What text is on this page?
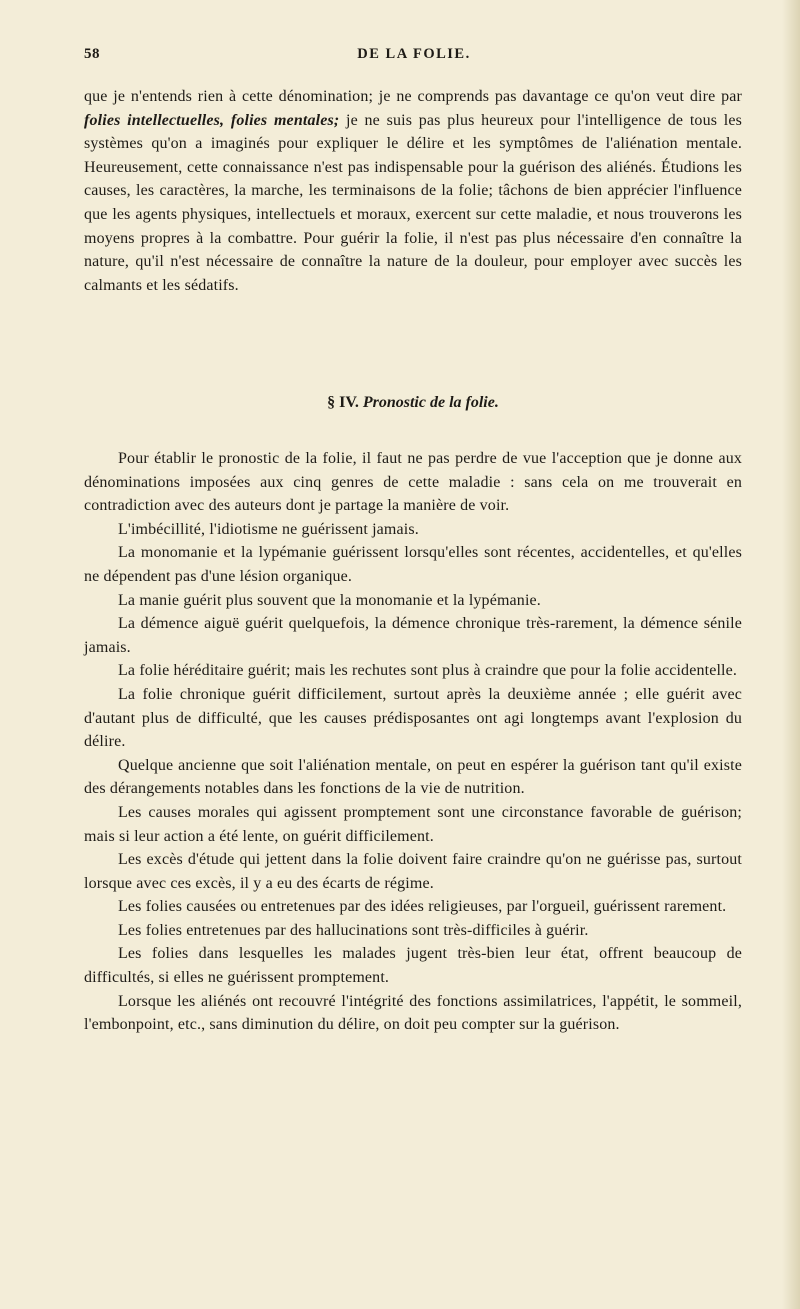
58	DE LA FOLIE.

que je n'entends rien à cette dénomination; je ne comprends pas davantage ce qu'on veut dire par folies intellectuelles, folies mentales; je ne suis pas plus heureux pour l'intelligence de tous les systèmes qu'on a imaginés pour expliquer le délire et les symptômes de l'aliénation mentale. Heureusement, cette connaissance n'est pas indispensable pour la guérison des aliénés. Étudions les causes, les caractères, la marche, les terminaisons de la folie; tâchons de bien apprécier l'influence que les agents physiques, intellectuels et moraux, exercent sur cette maladie, et nous trouverons les moyens propres à la combattre. Pour guérir la folie, il n'est pas plus nécessaire d'en connaître la nature, qu'il n'est nécessaire de connaître la nature de la douleur, pour employer avec succès les calmants et les sédatifs.

§ IV. Pronostic de la folie.

Pour établir le pronostic de la folie, il faut ne pas perdre de vue l'acception que je donne aux dénominations imposées aux cinq genres de cette maladie : sans cela on me trouverait en contradiction avec des auteurs dont je partage la manière de voir.

L'imbécillité, l'idiotisme ne guérissent jamais.

La monomanie et la lypémanie guérissent lorsqu'elles sont récentes, accidentelles, et qu'elles ne dépendent pas d'une lésion organique.

La manie guérit plus souvent que la monomanie et la lypémanie.

La démence aiguë guérit quelquefois, la démence chronique très-rarement, la démence sénile jamais.

La folie héréditaire guérit; mais les rechutes sont plus à craindre que pour la folie accidentelle.

La folie chronique guérit difficilement, surtout après la deuxième année ; elle guérit avec d'autant plus de difficulté, que les causes prédisposantes ont agi longtemps avant l'explosion du délire.

Quelque ancienne que soit l'aliénation mentale, on peut en espérer la guérison tant qu'il existe des dérangements notables dans les fonctions de la vie de nutrition.

Les causes morales qui agissent promptement sont une circonstance favorable de guérison; mais si leur action a été lente, on guérit difficilement.

Les excès d'étude qui jettent dans la folie doivent faire craindre qu'on ne guérisse pas, surtout lorsque avec ces excès, il y a eu des écarts de régime.

Les folies causées ou entretenues par des idées religieuses, par l'orgueil, guérissent rarement.

Les folies entretenues par des hallucinations sont très-difficiles à guérir.

Les folies dans lesquelles les malades jugent très-bien leur état, offrent beaucoup de difficultés, si elles ne guérissent promptement.

Lorsque les aliénés ont recouvré l'intégrité des fonctions assimilatrices, l'appétit, le sommeil, l'embonpoint, etc., sans diminution du délire, on doit peu compter sur la guérison.
